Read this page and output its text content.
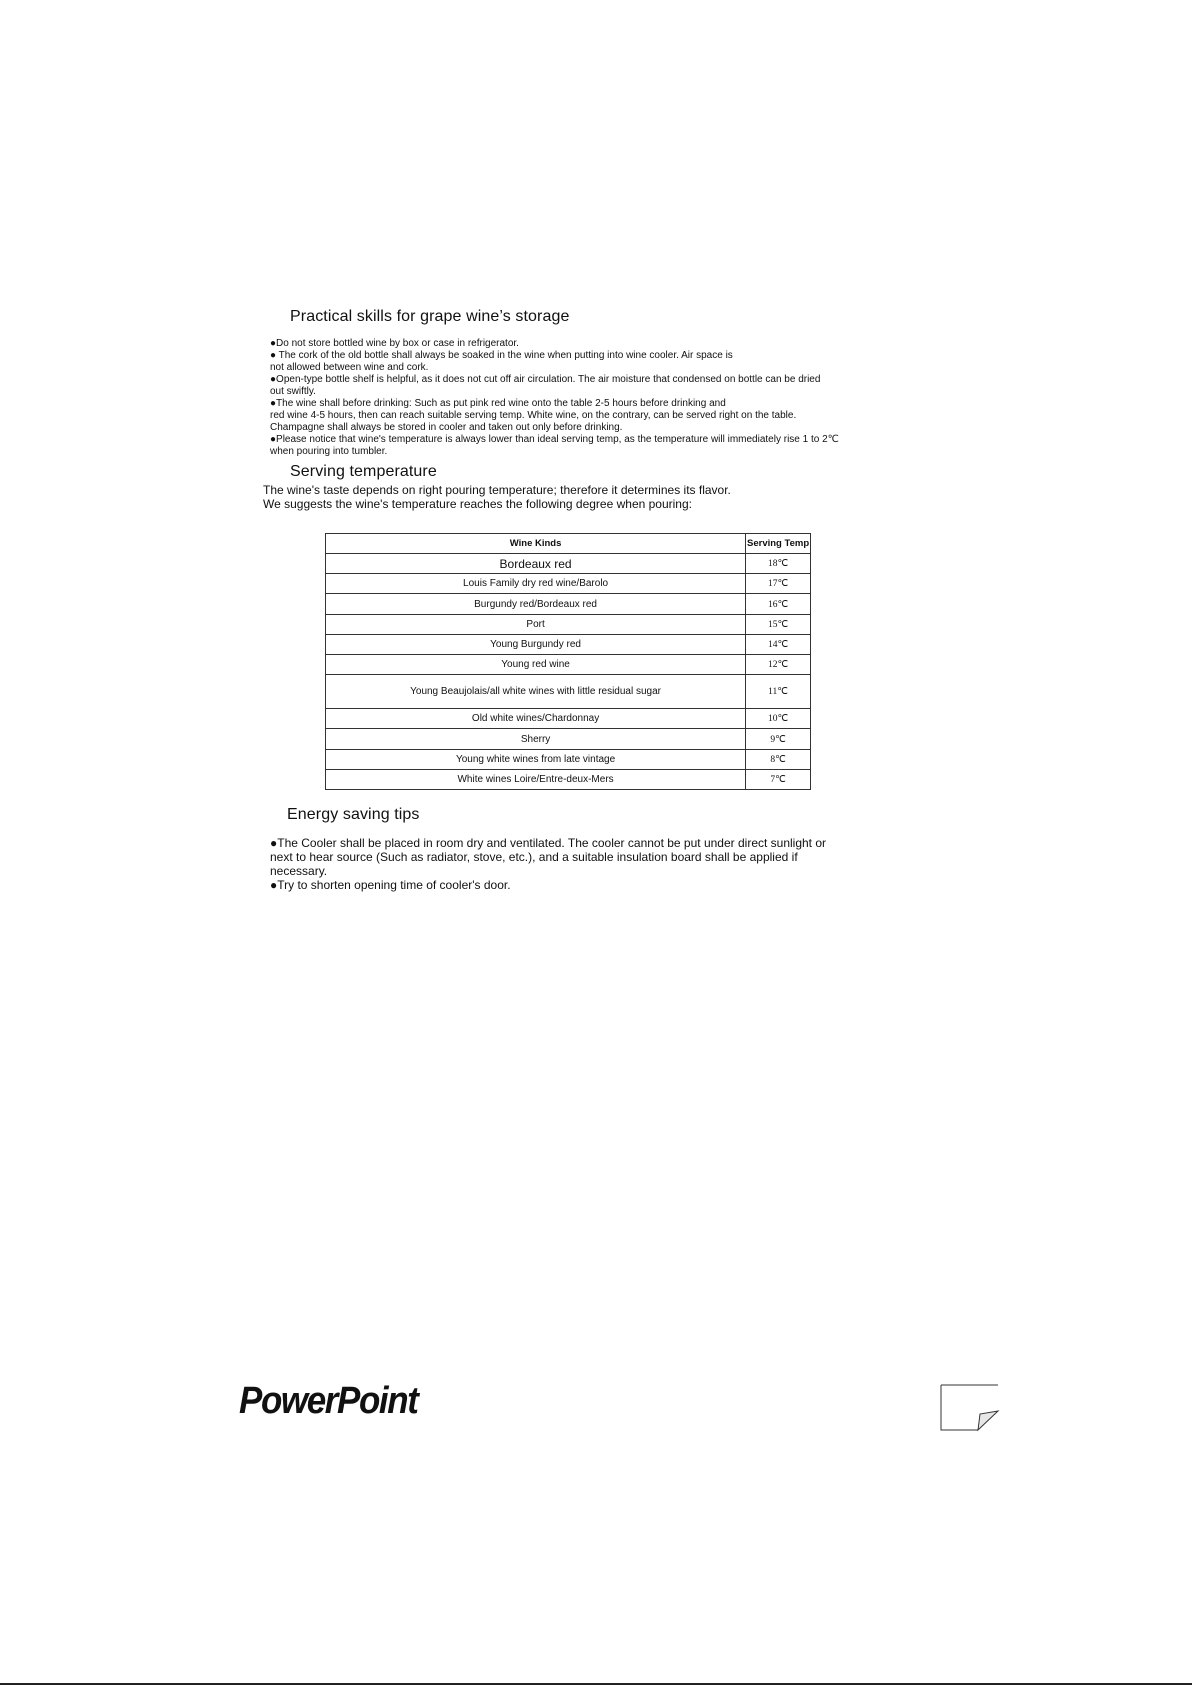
Practical skills for grape wine’s storage
●Do not store bottled wine by box or case in refrigerator.
● The cork of the old bottle shall always be soaked in the wine when putting into wine cooler. Air space is
not allowed between wine and cork.
●Open-type bottle shelf is helpful, as it does not cut off air circulation. The air moisture that condensed on bottle can be dried
out swiftly.
●The wine shall before drinking: Such as put pink red wine onto the table 2-5 hours before drinking and
red wine 4-5 hours, then can reach suitable serving temp. White wine, on the contrary, can be served right on the table.
Champagne shall always be stored in cooler and taken out only before drinking.
●Please notice that wine's temperature is always lower than ideal serving temp, as the temperature will immediately rise 1 to 2℃
when pouring into tumbler.
Serving temperature
The wine's taste depends on right pouring temperature; therefore it determines its flavor.
We suggests the wine's temperature reaches the following degree when pouring:
Wine Kinds	Serving Temp
Bordeaux red	18℃
Louis Family dry red wine/Barolo	17℃
Burgundy red/Bordeaux red	16℃
Port	15℃
Young Burgundy red	14℃
Young red wine	12℃
Young Beaujolais/all white wines with little residual sugar	11℃
Old white wines/Chardonnay	10℃
Sherry	9℃
Young white wines from late vintage	8℃
White wines Loire/Entre-deux-Mers	7℃
Energy saving tips
●The Cooler shall be placed in room dry and ventilated. The cooler cannot be put under direct sunlight or
next to hear source (Such as radiator, stove, etc.), and a suitable insulation board shall be applied if
necessary.
●Try to shorten opening time of cooler's door.
PowerPoint
